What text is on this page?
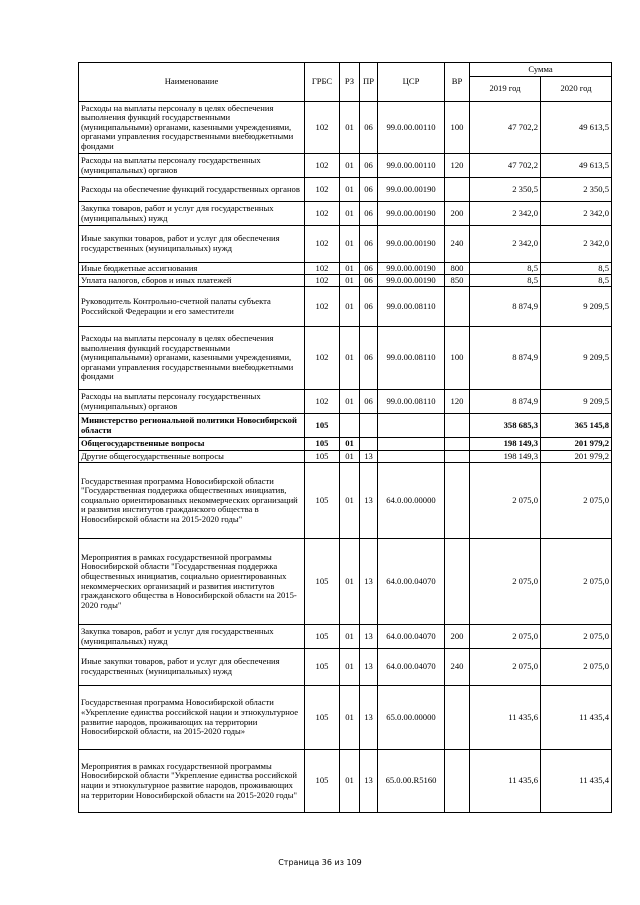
Наименование	ГРБС	РЗ	ПР	ЦСР	ВР	Сумма	
						2019 год	2020 год
Расходы на выплаты персоналу в целях обеспечения выполнения функций государственными (муниципальными) органами, казенными учреждениями, органами управления государственными внебюджетными фондами	102	01	06	99.0.00.00110	100	47 702,2	49 613,5
Расходы на выплаты персоналу государственных (муниципальных) органов	102	01	06	99.0.00.00110	120	47 702,2	49 613,5
Расходы на обеспечение функций государственных органов	102	01	06	99.0.00.00190		2 350,5	2 350,5
Закупка товаров, работ и услуг для государственных (муниципальных) нужд	102	01	06	99.0.00.00190	200	2 342,0	2 342,0
Иные закупки товаров, работ и услуг для обеспечения государственных (муниципальных) нужд	102	01	06	99.0.00.00190	240	2 342,0	2 342,0
Иные бюджетные ассигнования	102	01	06	99.0.00.00190	800	8,5	8,5
Уплата налогов, сборов и иных платежей	102	01	06	99.0.00.00190	850	8,5	8,5
Руководитель Контрольно-счетной палаты субъекта Российской Федерации и его заместители	102	01	06	99.0.00.08110		8 874,9	9 209,5
Расходы на выплаты персоналу в целях обеспечения выполнения функций государственными (муниципальными) органами, казенными учреждениями, органами управления государственными внебюджетными фондами	102	01	06	99.0.00.08110	100	8 874,9	9 209,5
Расходы на выплаты персоналу государственных (муниципальных) органов	102	01	06	99.0.00.08110	120	8 874,9	9 209,5
Министерство региональной политики Новосибирской области	105					358 685,3	365 145,8
Общегосударственные вопросы	105	01				198 149,3	201 979,2
Другие общегосударственные вопросы	105	01	13			198 149,3	201 979,2
Государственная программа Новосибирской области "Государственная поддержка общественных инициатив, социально ориентированных некоммерческих организаций и развития институтов гражданского общества в Новосибирской области на 2015-2020 годы"	105	01	13	64.0.00.00000		2 075,0	2 075,0
Мероприятия в рамках государственной программы Новосибирской области "Государственная поддержка общественных инициатив, социально ориентированных некоммерческих организаций и развития институтов гражданского общества в Новосибирской области на 2015-2020 годы"	105	01	13	64.0.00.04070		2 075,0	2 075,0
Закупка товаров, работ и услуг для государственных (муниципальных) нужд	105	01	13	64.0.00.04070	200	2 075,0	2 075,0
Иные закупки товаров, работ и услуг для обеспечения государственных (муниципальных) нужд	105	01	13	64.0.00.04070	240	2 075,0	2 075,0
Государственная программа Новосибирской области «Укрепление единства российской нации и этнокультурное развитие народов, проживающих на территории Новосибирской области, на 2015-2020 годы»	105	01	13	65.0.00.00000		11 435,6	11 435,4
Мероприятия в рамках государственной программы Новосибирской области "Укрепление единства российской нации и этнокультурное развитие народов, проживающих на территории Новосибирской области на 2015-2020 годы"	105	01	13	65.0.00.R5160		11 435,6	11 435,4
Страница 36 из 109
